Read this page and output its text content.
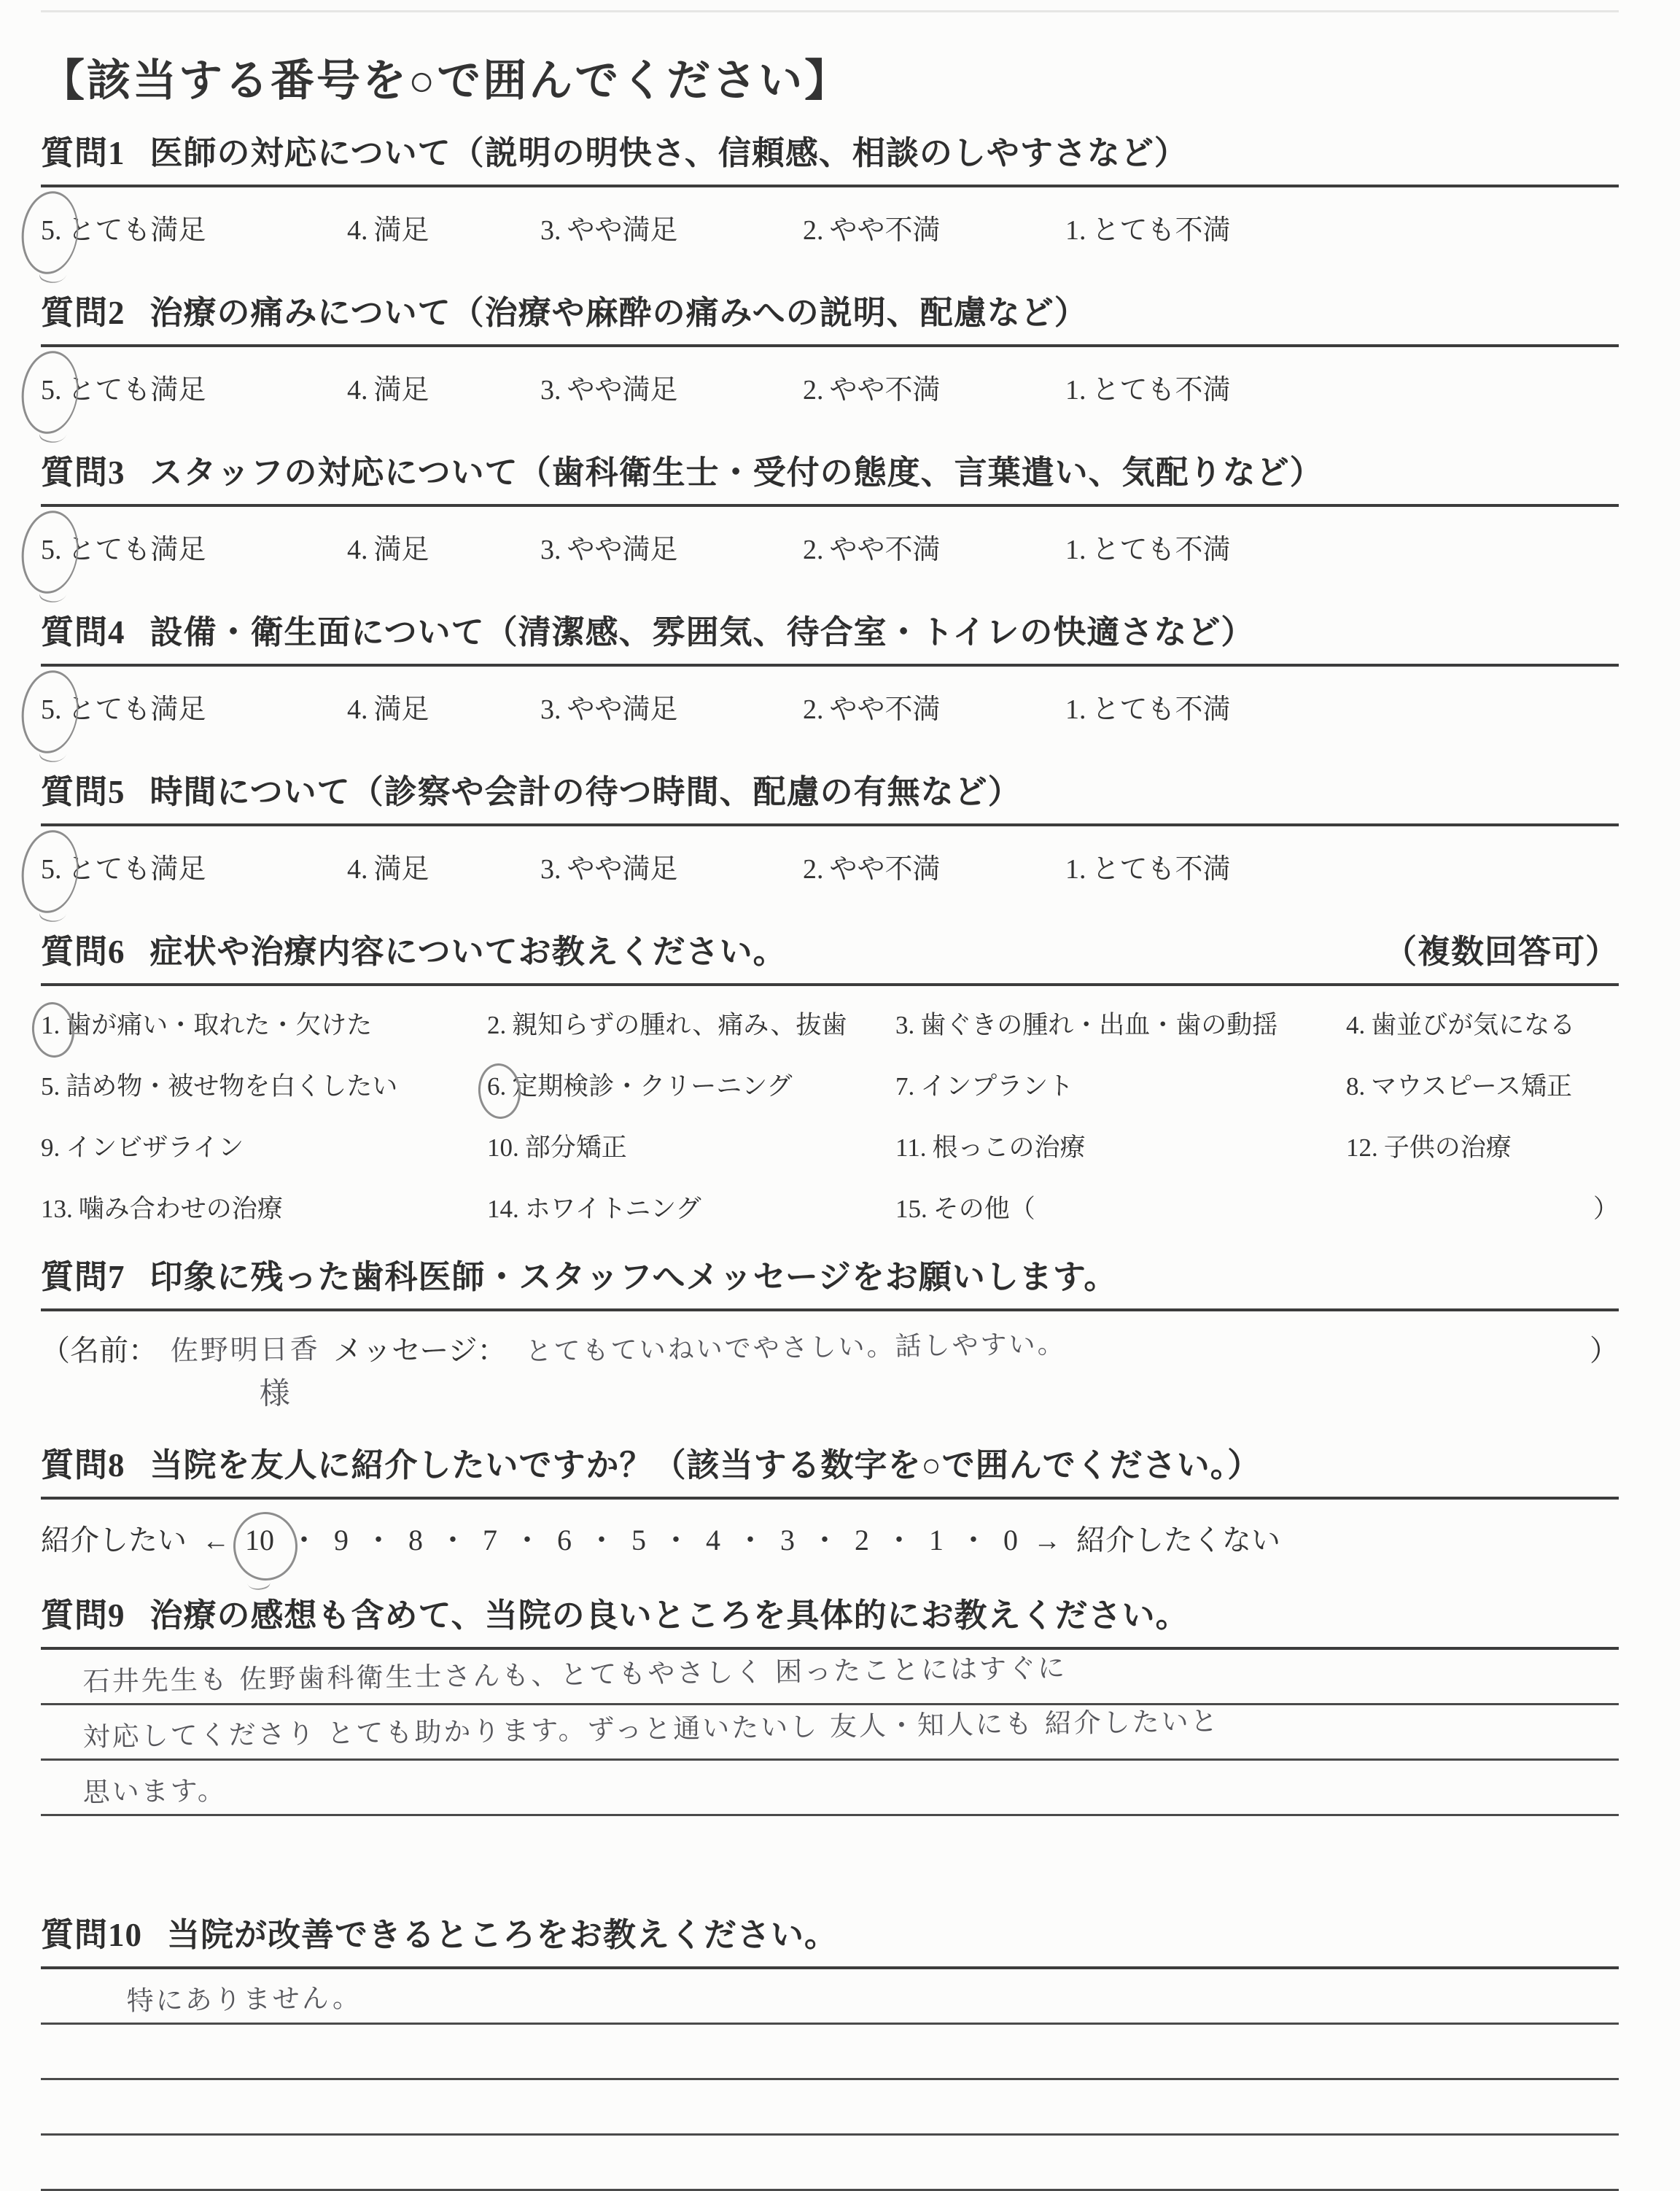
【該当する番号を○で囲んでください】
質問1 医師の対応について（説明の明快さ、信頼感、相談のしやすさなど）
5. とても満足	4. 満足	3. やや満足	2. やや不満	1. とても不満
質問2 治療の痛みについて（治療や麻酔の痛みへの説明、配慮など）
5. とても満足	4. 満足	3. やや満足	2. やや不満	1. とても不満
質問3 スタッフの対応について（歯科衛生士・受付の態度、言葉遣い、気配りなど）
5. とても満足	4. 満足	3. やや満足	2. やや不満	1. とても不満
質問4 設備・衛生面について（清潔感、雰囲気、待合室・トイレの快適さなど）
5. とても満足	4. 満足	3. やや満足	2. やや不満	1. とても不満
質問5 時間について（診察や会計の待つ時間、配慮の有無など）
5. とても満足	4. 満足	3. やや満足	2. やや不満	1. とても不満
質問6 症状や治療内容についてお教えください。	（複数回答可）
1. 歯が痛い・取れた・欠けた	2. 親知らずの腫れ、痛み、抜歯	3. 歯ぐきの腫れ・出血・歯の動揺	4. 歯並びが気になる
5. 詰め物・被せ物を白くしたい	6. 定期検診・クリーニング	7. インプラント	8. マウスピース矯正
9. インビザライン	10. 部分矯正	11. 根っこの治療	12. 子供の治療
13. 噛み合わせの治療	14. ホワイトニング	15. その他（	）
質問7 印象に残った歯科医師・スタッフへメッセージをお願いします。
（名前： 佐野明日香 メッセージ： とてもていねいでやさしい。話しやすい。	）
様
質問8 当院を友人に紹介したいですか？（該当する数字を○で囲んでください。）
紹介したい ← 10 ・ 9 ・ 8 ・ 7 ・ 6 ・ 5 ・ 4 ・ 3 ・ 2 ・ 1 ・ 0 → 紹介したくない
質問9 治療の感想も含めて、当院の良いところを具体的にお教えください。
石井先生も 佐野歯科衛生士さんも、とてもやさしく 困ったことにはすぐに
対応してくださり とても助かります。ずっと通いたいし 友人・知人にも 紹介したいと
思います。
質問10 当院が改善できるところをお教えください。
特にありません。
